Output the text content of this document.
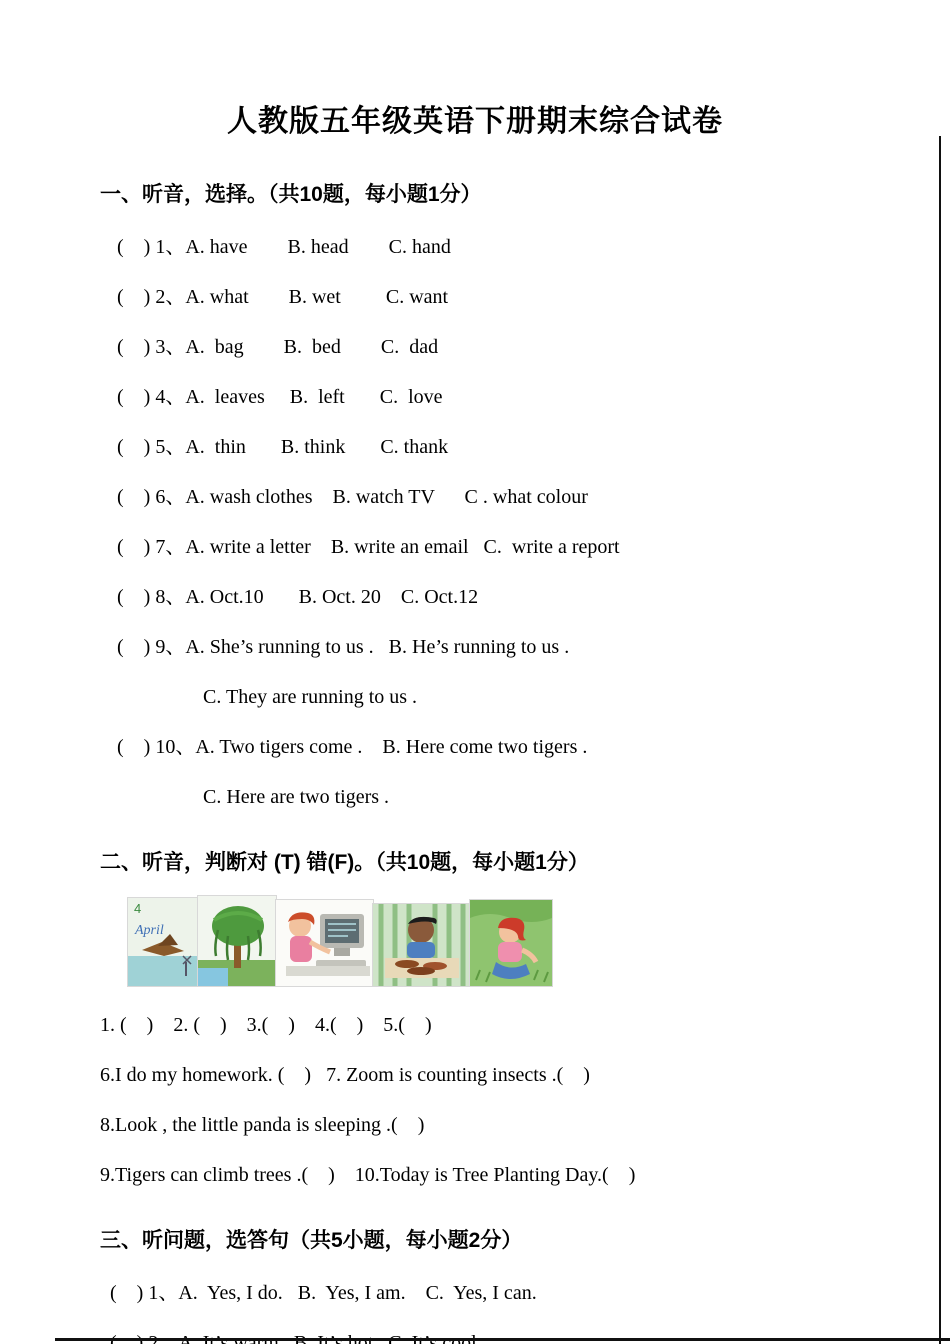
人教版五年级英语下册期末综合试卷
一、听音，选择。（共10题，每小题1分）

(    ) 1、A. have        B. head        C. hand

(    ) 2、A. what        B. wet         C. want

(    ) 3、A.  bag        B.  bed        C.  dad

(    ) 4、A.  leaves     B.  left       C.  love

(    ) 5、A.  thin       B. think       C. thank

(    ) 6、A. wash clothes    B. watch TV      C . what colour

(    ) 7、A. write a letter    B. write an email   C.  write a report

(    ) 8、A. Oct.10       B. Oct. 20    C. Oct.12

(    ) 9、A. She’s running to us .   B. He’s running to us .

C. They are running to us .

(    ) 10、A. Two tigers come .    B. Here come two tigers .

C. Here are two tigers .

二、听音，判断对 (T) 错(F)。（共10题，每小题1分）
4
April

1. (    )    2. (    )    3.(    )    4.(    )    5.(    )

6.I do my homework. (    )   7. Zoom is counting insects .(    )

8.Look , the little panda is sleeping .(    )

9.Tigers can climb trees .(    )    10.Today is Tree Planting Day.(    )

三、听问题，选答句（共5小题，每小题2分）

(    ) 1、A.  Yes, I do.   B.  Yes, I am.    C.  Yes, I can.
